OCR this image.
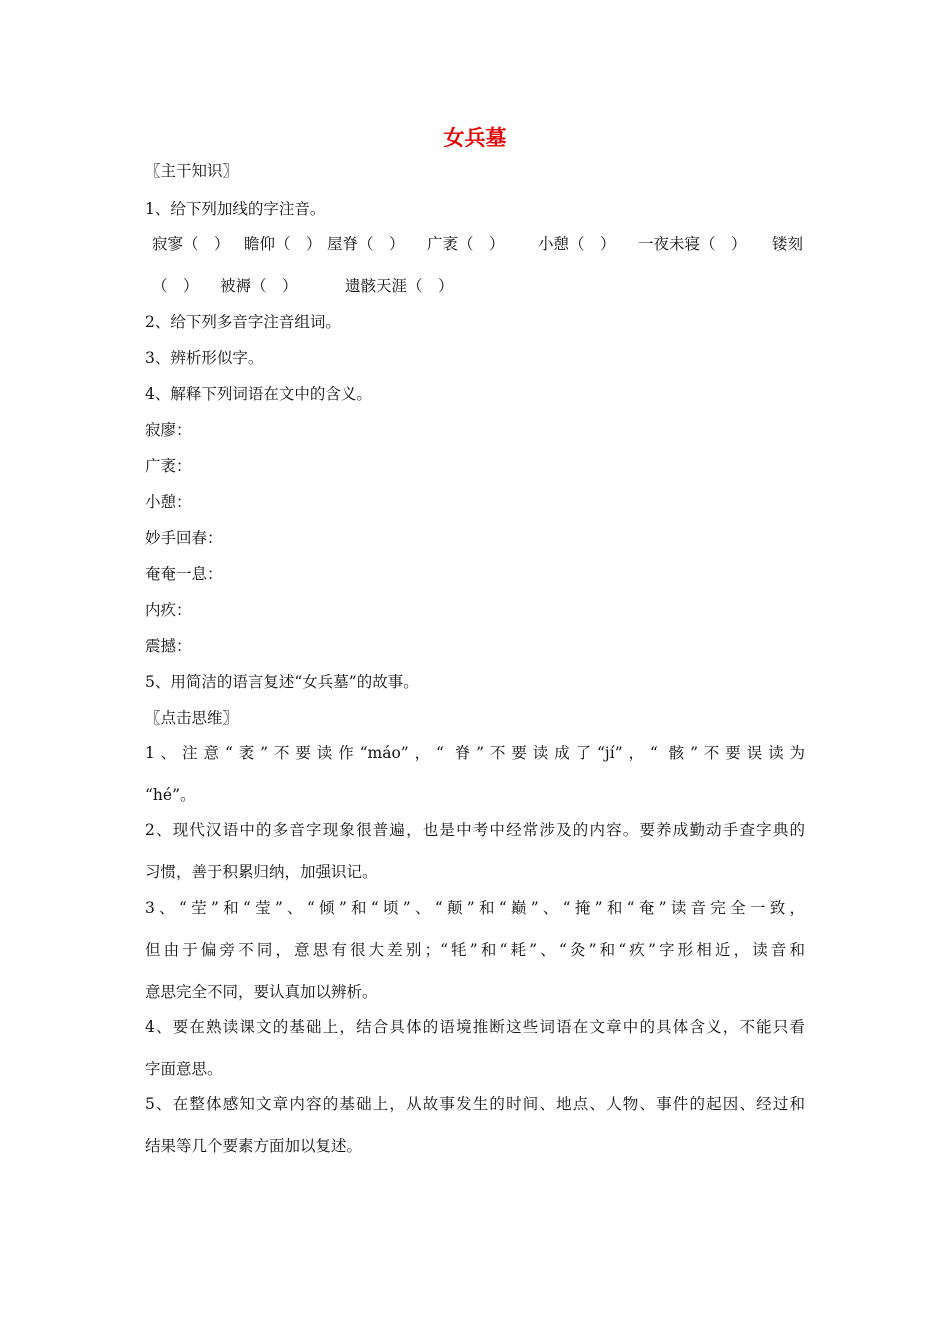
女兵墓
〖主干知识〗
1、给下列加线的字注音。
寂寥（　） 瞻仰（　） 屋脊（　） 广袤（　） 小憩（　） 一夜未寝（　） 镂刻
（　） 被褥（　）	遗骸天涯（　）
2、给下列多音字注音组词。
3、辨析形似字。
4、解释下列词语在文中的含义。
寂廖：
广袤：
小憩：
妙手回春：
奄奄一息：
内疚：
震撼：
5、用简洁的语言复述“女兵墓”的故事。
〖点击思维〗
1、注意“袤”不要读作“máo”，“ 脊”不要读成了“jí”，“ 骸”不要误读为
“hé”。
2、现代汉语中的多音字现象很普遍，也是中考中经常涉及的内容。要养成勤动手查字典的
习惯，善于积累归纳，加强识记。
3、“茔”和“莹”、“倾”和“顷”、“颠”和“巅”、“掩”和“奄”读音完全一致，
但由于偏旁不同，意思有很大差别；“牦”和“耗”、“灸”和“疚”字形相近，读音和
意思完全不同，要认真加以辨析。
4、要在熟读课文的基础上，结合具体的语境推断这些词语在文章中的具体含义，不能只看
字面意思。
5、在整体感知文章内容的基础上，从故事发生的时间、地点、人物、事件的起因、经过和
结果等几个要素方面加以复述。
